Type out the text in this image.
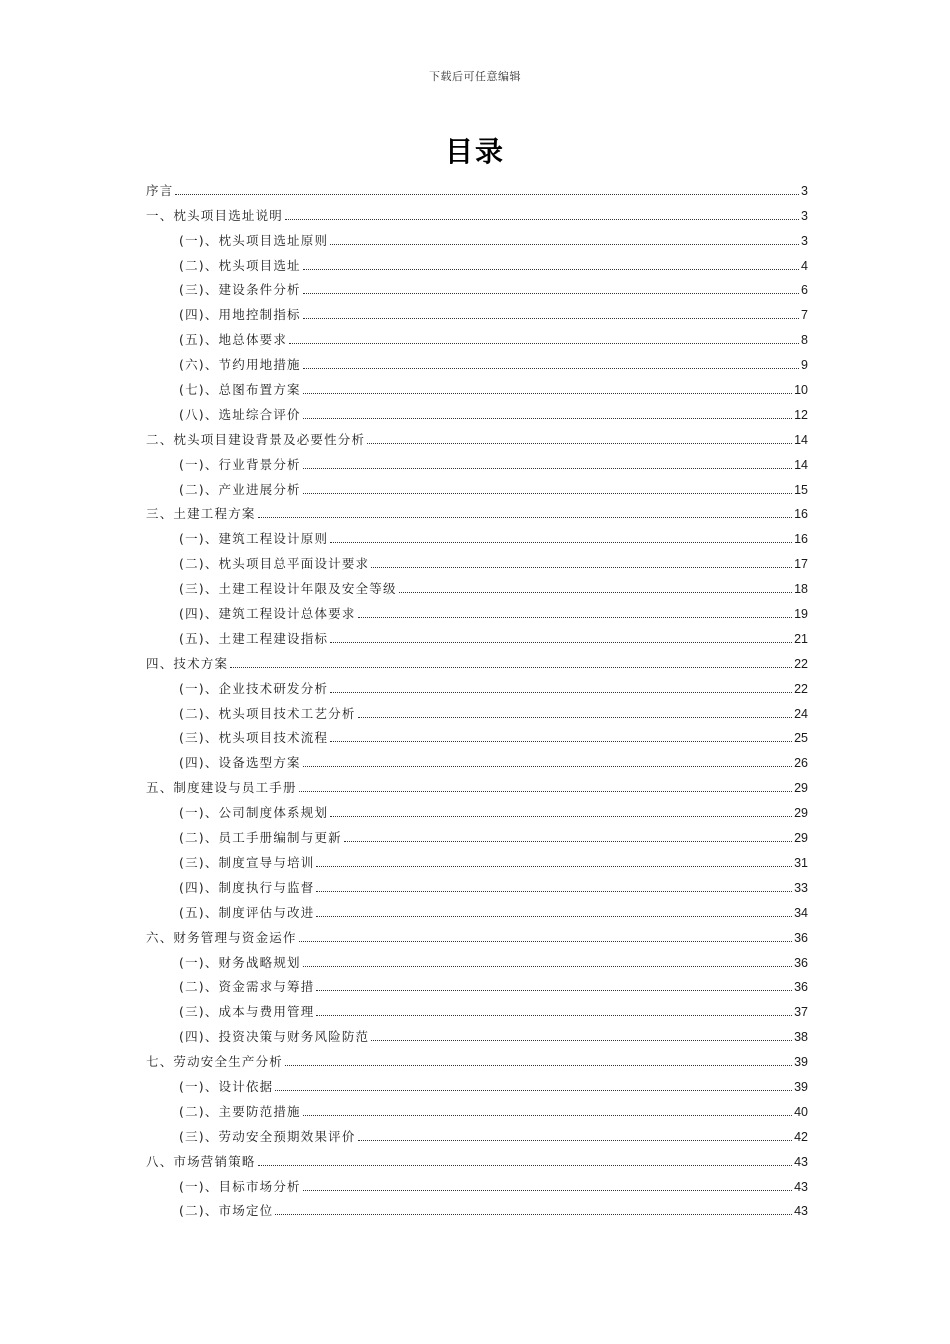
下载后可任意编辑
目录
序言	3
一、枕头项目选址说明	3
(一)、枕头项目选址原则	3
(二)、枕头项目选址	4
(三)、建设条件分析	6
(四)、用地控制指标	7
(五)、地总体要求	8
(六)、节约用地措施	9
(七)、总图布置方案	10
(八)、选址综合评价	12
二、枕头项目建设背景及必要性分析	14
(一)、行业背景分析	14
(二)、产业进展分析	15
三、土建工程方案	16
(一)、建筑工程设计原则	16
(二)、枕头项目总平面设计要求	17
(三)、土建工程设计年限及安全等级	18
(四)、建筑工程设计总体要求	19
(五)、土建工程建设指标	21
四、技术方案	22
(一)、企业技术研发分析	22
(二)、枕头项目技术工艺分析	24
(三)、枕头项目技术流程	25
(四)、设备选型方案	26
五、制度建设与员工手册	29
(一)、公司制度体系规划	29
(二)、员工手册编制与更新	29
(三)、制度宣导与培训	31
(四)、制度执行与监督	33
(五)、制度评估与改进	34
六、财务管理与资金运作	36
(一)、财务战略规划	36
(二)、资金需求与筹措	36
(三)、成本与费用管理	37
(四)、投资决策与财务风险防范	38
七、劳动安全生产分析	39
(一)、设计依据	39
(二)、主要防范措施	40
(三)、劳动安全预期效果评价	42
八、市场营销策略	43
(一)、目标市场分析	43
(二)、市场定位	43
